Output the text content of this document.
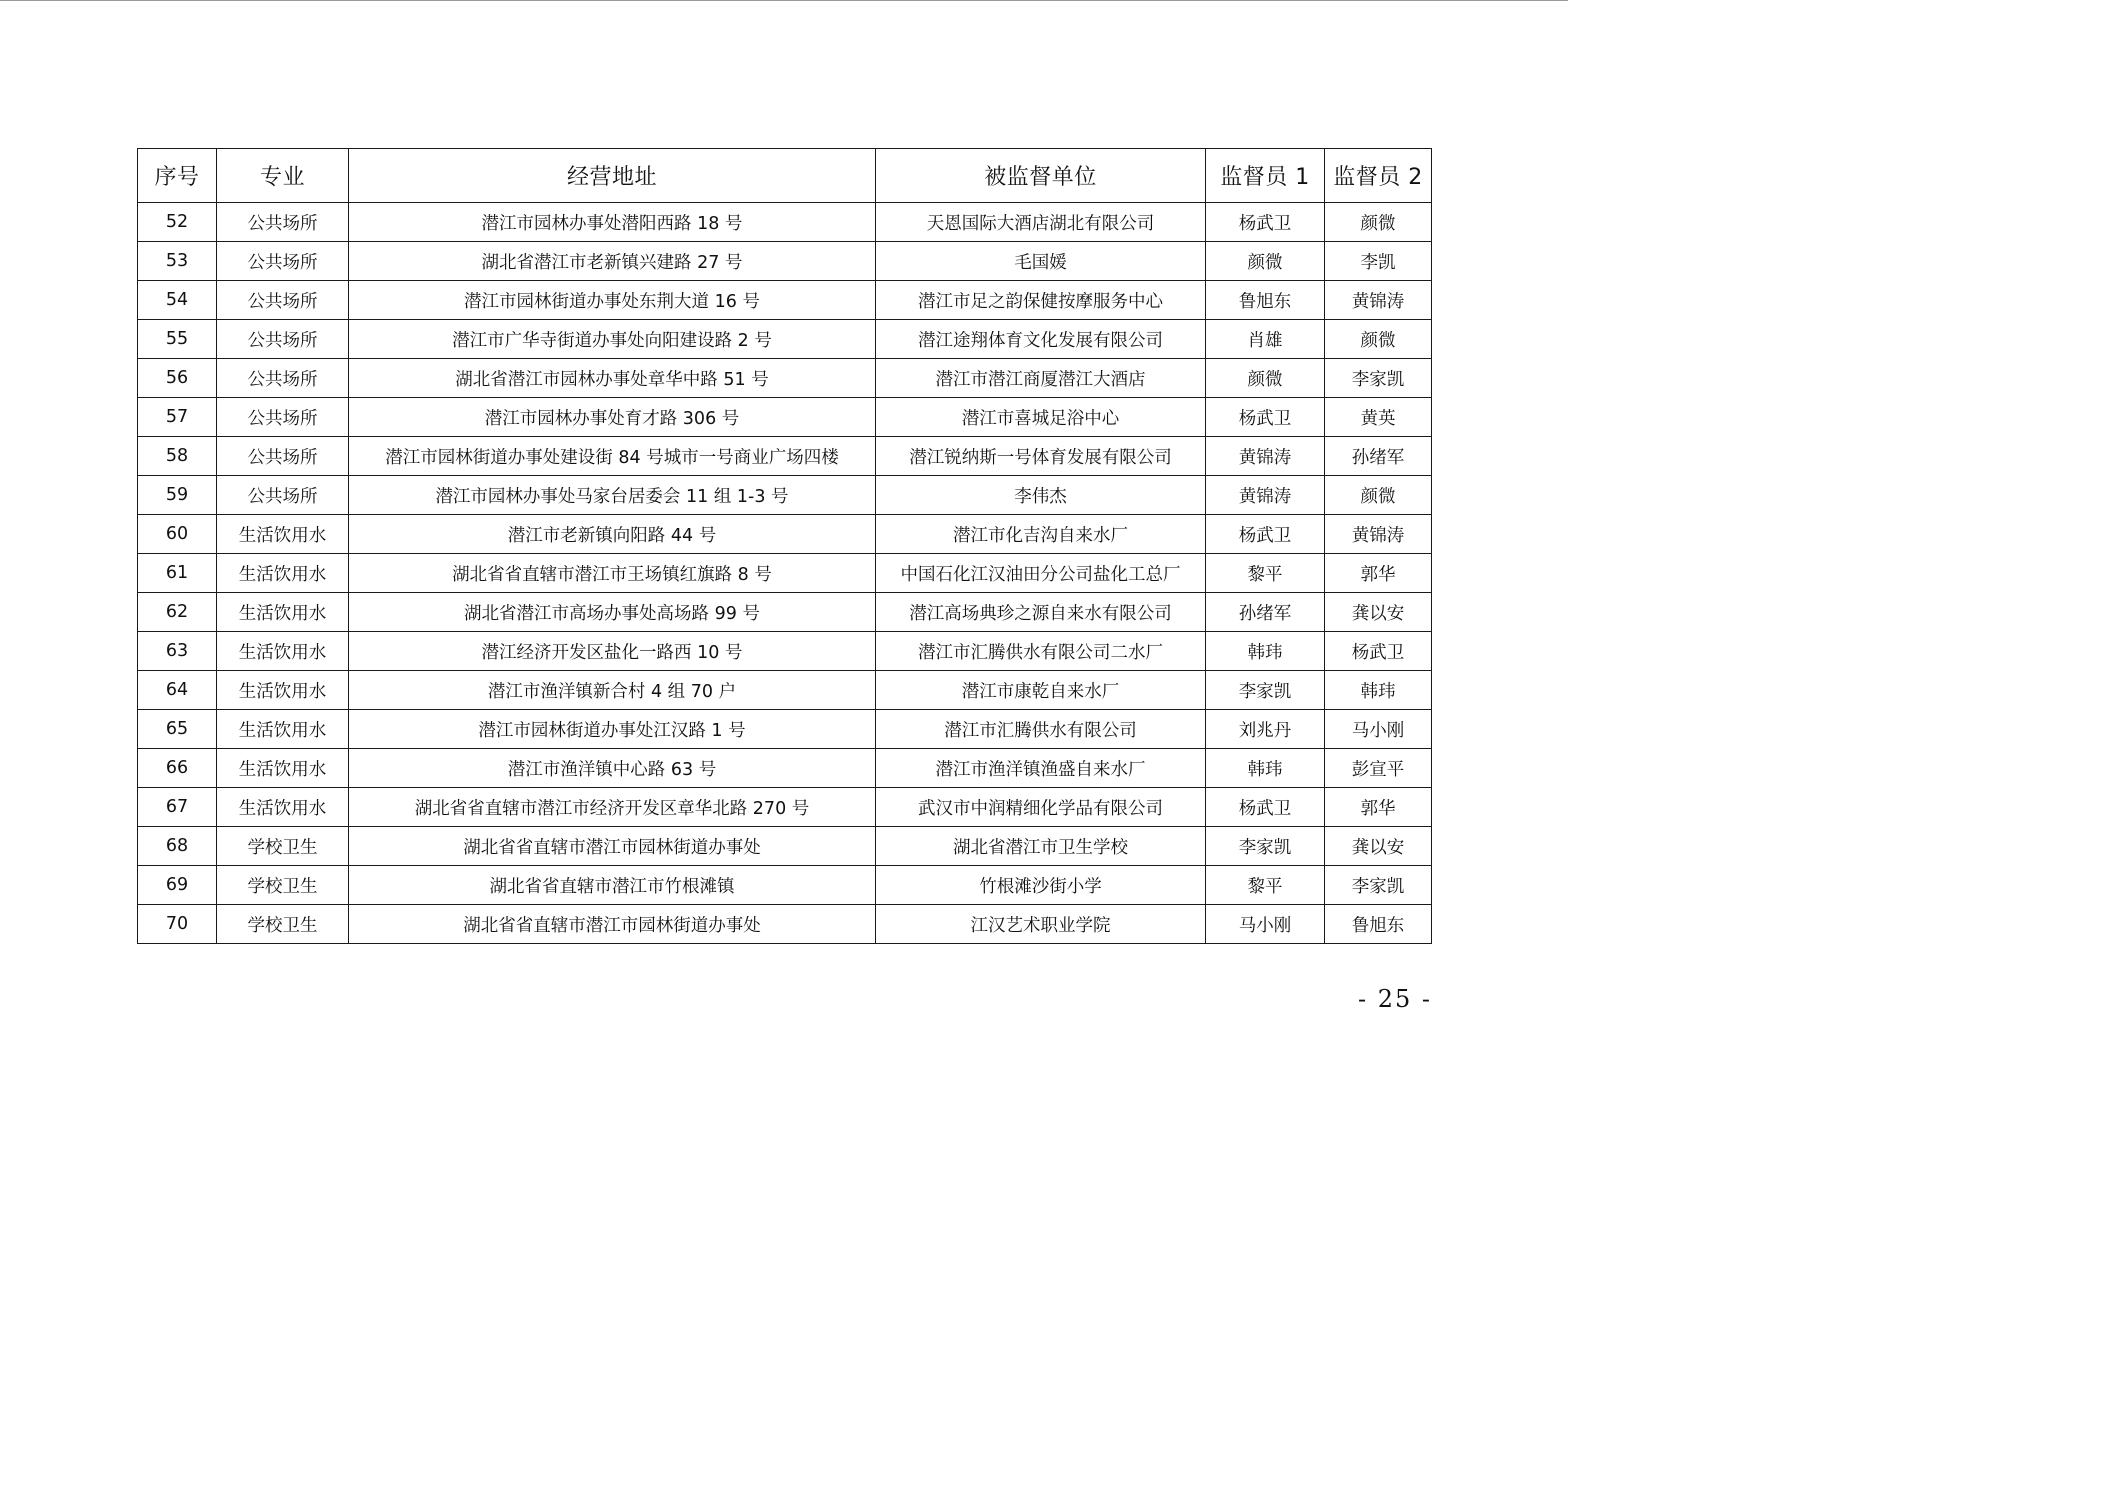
序号	专业	经营地址	被监督单位	监督员 1	监督员 2
52	公共场所	潜江市园林办事处潜阳西路 18 号	天恩国际大酒店湖北有限公司	杨武卫	颜微
53	公共场所	湖北省潜江市老新镇兴建路 27 号	毛国媛	颜微	李凯
54	公共场所	潜江市园林街道办事处东荆大道 16 号	潜江市足之韵保健按摩服务中心	鲁旭东	黄锦涛
55	公共场所	潜江市广华寺街道办事处向阳建设路 2 号	潜江途翔体育文化发展有限公司	肖雄	颜微
56	公共场所	湖北省潜江市园林办事处章华中路 51 号	潜江市潜江商厦潜江大酒店	颜微	李家凯
57	公共场所	潜江市园林办事处育才路 306 号	潜江市喜城足浴中心	杨武卫	黄英
58	公共场所	潜江市园林街道办事处建设街 84 号城市一号商业广场四楼	潜江锐纳斯一号体育发展有限公司	黄锦涛	孙绪军
59	公共场所	潜江市园林办事处马家台居委会 11 组 1-3 号	李伟杰	黄锦涛	颜微
60	生活饮用水	潜江市老新镇向阳路 44 号	潜江市化吉沟自来水厂	杨武卫	黄锦涛
61	生活饮用水	湖北省省直辖市潜江市王场镇红旗路 8 号	中国石化江汉油田分公司盐化工总厂	黎平	郭华
62	生活饮用水	湖北省潜江市高场办事处高场路 99 号	潜江高场典珍之源自来水有限公司	孙绪军	龚以安
63	生活饮用水	潜江经济开发区盐化一路西 10 号	潜江市汇腾供水有限公司二水厂	韩玮	杨武卫
64	生活饮用水	潜江市渔洋镇新合村 4 组 70 户	潜江市康乾自来水厂	李家凯	韩玮
65	生活饮用水	潜江市园林街道办事处江汉路 1 号	潜江市汇腾供水有限公司	刘兆丹	马小刚
66	生活饮用水	潜江市渔洋镇中心路 63 号	潜江市渔洋镇渔盛自来水厂	韩玮	彭宣平
67	生活饮用水	湖北省省直辖市潜江市经济开发区章华北路 270 号	武汉市中润精细化学品有限公司	杨武卫	郭华
68	学校卫生	湖北省省直辖市潜江市园林街道办事处	湖北省潜江市卫生学校	李家凯	龚以安
69	学校卫生	湖北省省直辖市潜江市竹根滩镇	竹根滩沙街小学	黎平	李家凯
70	学校卫生	湖北省省直辖市潜江市园林街道办事处	江汉艺术职业学院	马小刚	鲁旭东
- 25 -
